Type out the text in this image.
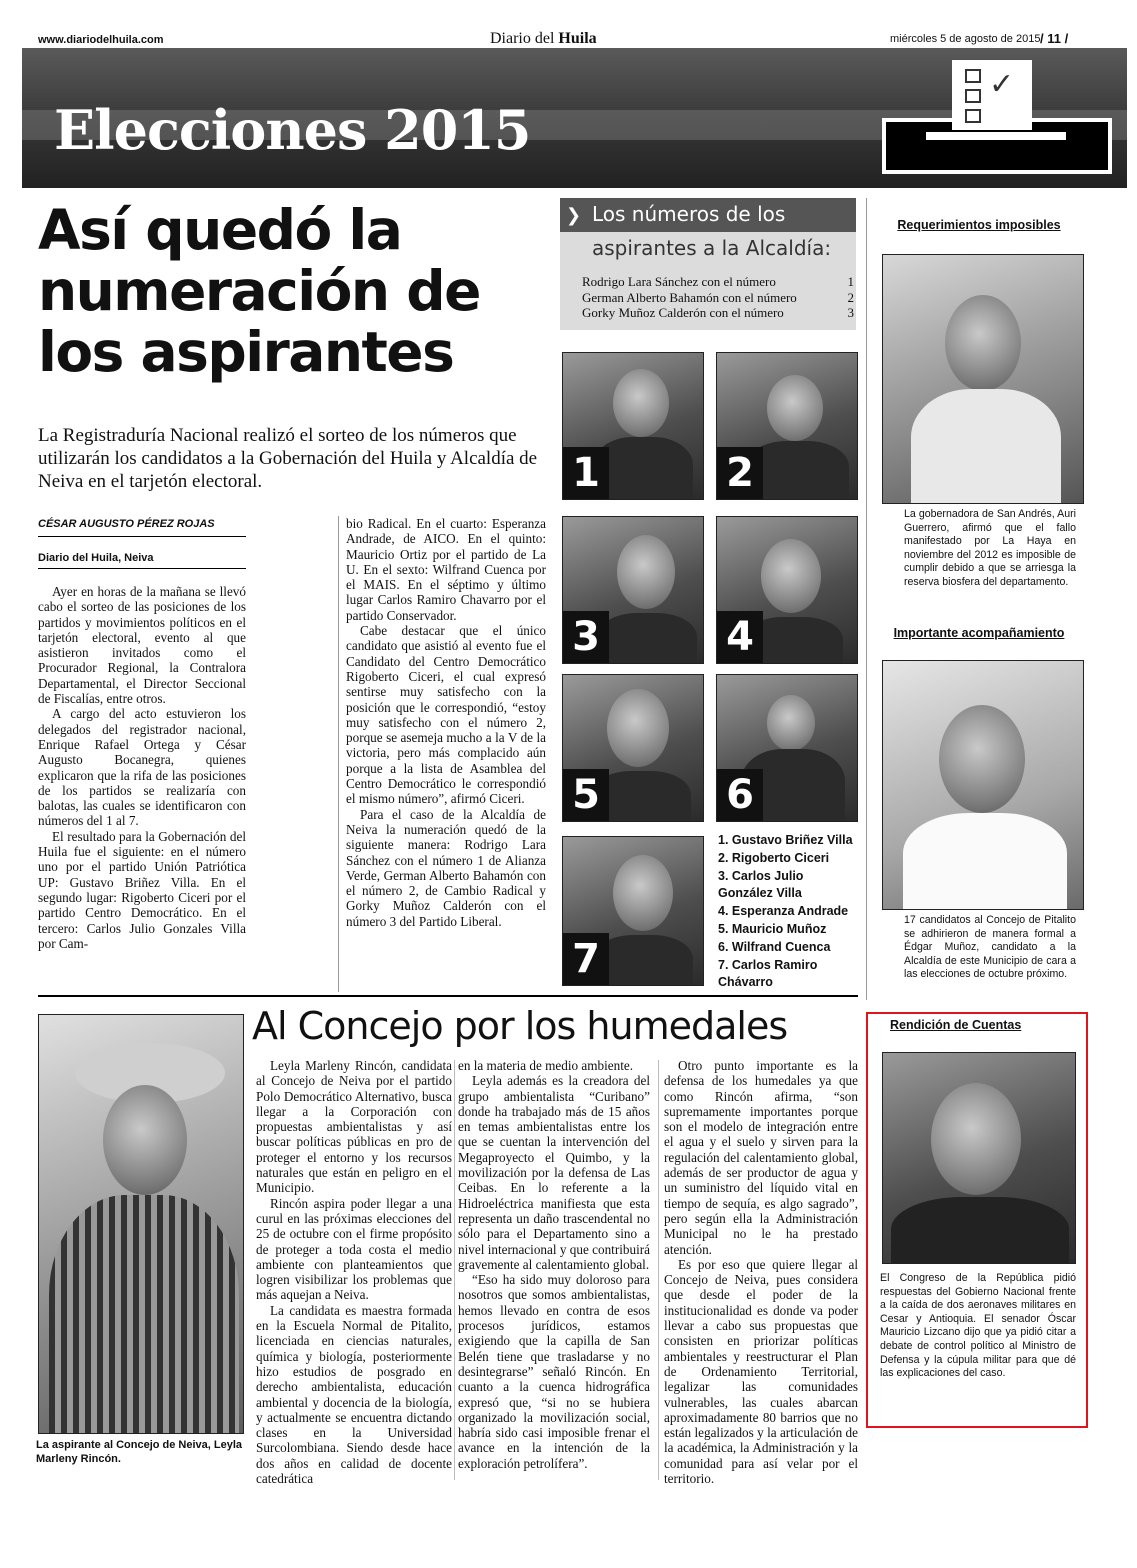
www.diariodelhuila.com	Diario del Huila	miércoles 5 de agosto de 2015 / 11 /
Elecciones 2015
✓
Así quedó la numeración de los aspirantes
La Registraduría Nacional realizó el sorteo de los números que utilizarán los candidatos a la Gobernación del Huila y Alcaldía de Neiva en el tarjetón electoral.
CÉSAR AUGUSTO PÉREZ ROJAS
Diario del Huila, Neiva

Ayer en horas de la mañana se llevó cabo el sorteo de las posiciones de los partidos y movimientos políticos en el tarjetón electoral, evento al que asistieron invitados como el Procurador Regional, la Contralora Departamental, el Director Seccional de Fiscalías, entre otros.

A cargo del acto estuvieron los delegados del registrador nacional, Enrique Rafael Ortega y César Augusto Bocanegra, quienes explicaron que la rifa de las posiciones de los partidos se realizaría con balotas, las cuales se identificaron con números del 1 al 7.

El resultado para la Gobernación del Huila fue el siguiente: en el número uno por el partido Unión Patriótica UP: Gustavo Briñez Villa. En el segundo lugar: Rigoberto Ciceri por el partido Centro Democrático. En el tercero: Carlos Julio Gonzales Villa por Cam-

bio Radical. En el cuarto: Esperanza Andrade, de AICO. En el quinto: Mauricio Ortiz por el partido de La U. En el sexto: Wilfrand Cuenca por el MAIS. En el séptimo y último lugar Carlos Ramiro Chavarro por el partido Conservador.

Cabe destacar que el único candidato que asistió al evento fue el Candidato del Centro Democrático Rigoberto Ciceri, el cual expresó sentirse muy satisfecho con la posición que le correspondió, “estoy muy satisfecho con el número 2, porque se asemeja mucho a la V de la victoria, pero más complacido aún porque a la lista de Asamblea del Centro Democrático le correspondió el mismo número”, afirmó Ciceri.

Para el caso de la Alcaldía de Neiva la numeración quedó de la siguiente manera: Rodrigo Lara Sánchez con el número 1 de Alianza Verde, German Alberto Bahamón con el número 2, de Cambio Radical y Gorky Muñoz Calderón con el número 3 del Partido Liberal.

❯ Los números de los
aspirantes a la Alcaldía:
Rodrigo Lara Sánchez con el número	1
German Alberto Bahamón con el número	2
Gorky Muñoz Calderón con el número	3
1	2
3	4
5	6
7
1. Gustavo Briñez Villa
2. Rigoberto Ciceri
3. Carlos Julio González Villa
4. Esperanza Andrade
5. Mauricio Muñoz
6. Wilfrand Cuenca
7. Carlos Ramiro Chávarro
Requerimientos imposibles
La gobernadora de San Andrés, Auri Guerrero, afirmó que el fallo manifestado por La Haya en noviembre del 2012 es imposible de cumplir debido a que se arriesga la reserva biosfera del departamento.
Importante acompañamiento
17 candidatos al Concejo de Pitalito se adhirieron de manera formal a Édgar Muñoz, candidato a la Alcaldía de este Municipio de cara a las elecciones de octubre próximo.
La aspirante al Concejo de Neiva, Leyla Marleny Rincón.
Al Concejo por los humedales

Leyla Marleny Rincón, candidata al Concejo de Neiva por el partido Polo Democrático Alternativo, busca llegar a la Corporación con propuestas ambientalistas y así buscar políticas públicas en pro de proteger el entorno y los recursos naturales que están en peligro en el Municipio.

Rincón aspira poder llegar a una curul en las próximas elecciones del 25 de octubre con el firme propósito de proteger a toda costa el medio ambiente con planteamientos que logren visibilizar los problemas que más aquejan a Neiva.

La candidata es maestra formada en la Escuela Normal de Pitalito, licenciada en ciencias naturales, química y biología, posteriormente hizo estudios de posgrado en derecho ambientalista, educación ambiental y docencia de la biología, y actualmente se encuentra dictando clases en la Universidad Surcolombiana. Siendo desde hace dos años en calidad de docente catedrática

en la materia de medio ambiente.

Leyla además es la creadora del grupo ambientalista “Curibano” donde ha trabajado más de 15 años en temas ambientalistas entre los que se cuentan la intervención del Megaproyecto el Quimbo, y la movilización por la defensa de Las Ceibas. En lo referente a la Hidroeléctrica manifiesta que esta representa un daño trascendental no sólo para el Departamento sino a nivel internacional y que contribuirá gravemente al calentamiento global.

“Eso ha sido muy doloroso para nosotros que somos ambientalistas, hemos llevado en contra de esos procesos jurídicos, estamos exigiendo que la capilla de San Belén tiene que trasladarse y no desintegrarse” señaló Rincón. En cuanto a la cuenca hidrográfica expresó que, “si no se hubiera organizado la movilización social, habría sido casi imposible frenar el avance en la intención de la exploración petrolífera”.

Otro punto importante es la defensa de los humedales ya que como Rincón afirma, “son supremamente importantes porque son el modelo de integración entre el agua y el suelo y sirven para la regulación del calentamiento global, además de ser productor de agua y un suministro del líquido vital en tiempo de sequía, es algo sagrado”, pero según ella la Administración Municipal no le ha prestado atención.

Es por eso que quiere llegar al Concejo de Neiva, pues considera que desde el poder de la institucionalidad es donde va poder llevar a cabo sus propuestas que consisten en priorizar políticas ambientales y reestructurar el Plan de Ordenamiento Territorial, legalizar las comunidades vulnerables, las cuales abarcan aproximadamente 80 barrios que no están legalizados y la articulación de la académica, la Administración y la comunidad para así velar por el territorio.

Rendición de Cuentas
El Congreso de la República pidió respuestas del Gobierno Nacional frente a la caída de dos aeronaves militares en Cesar y Antioquia. El senador Óscar Mauricio Lizcano dijo que ya pidió citar a debate de control político al Ministro de Defensa y la cúpula militar para que dé las explicaciones del caso.
